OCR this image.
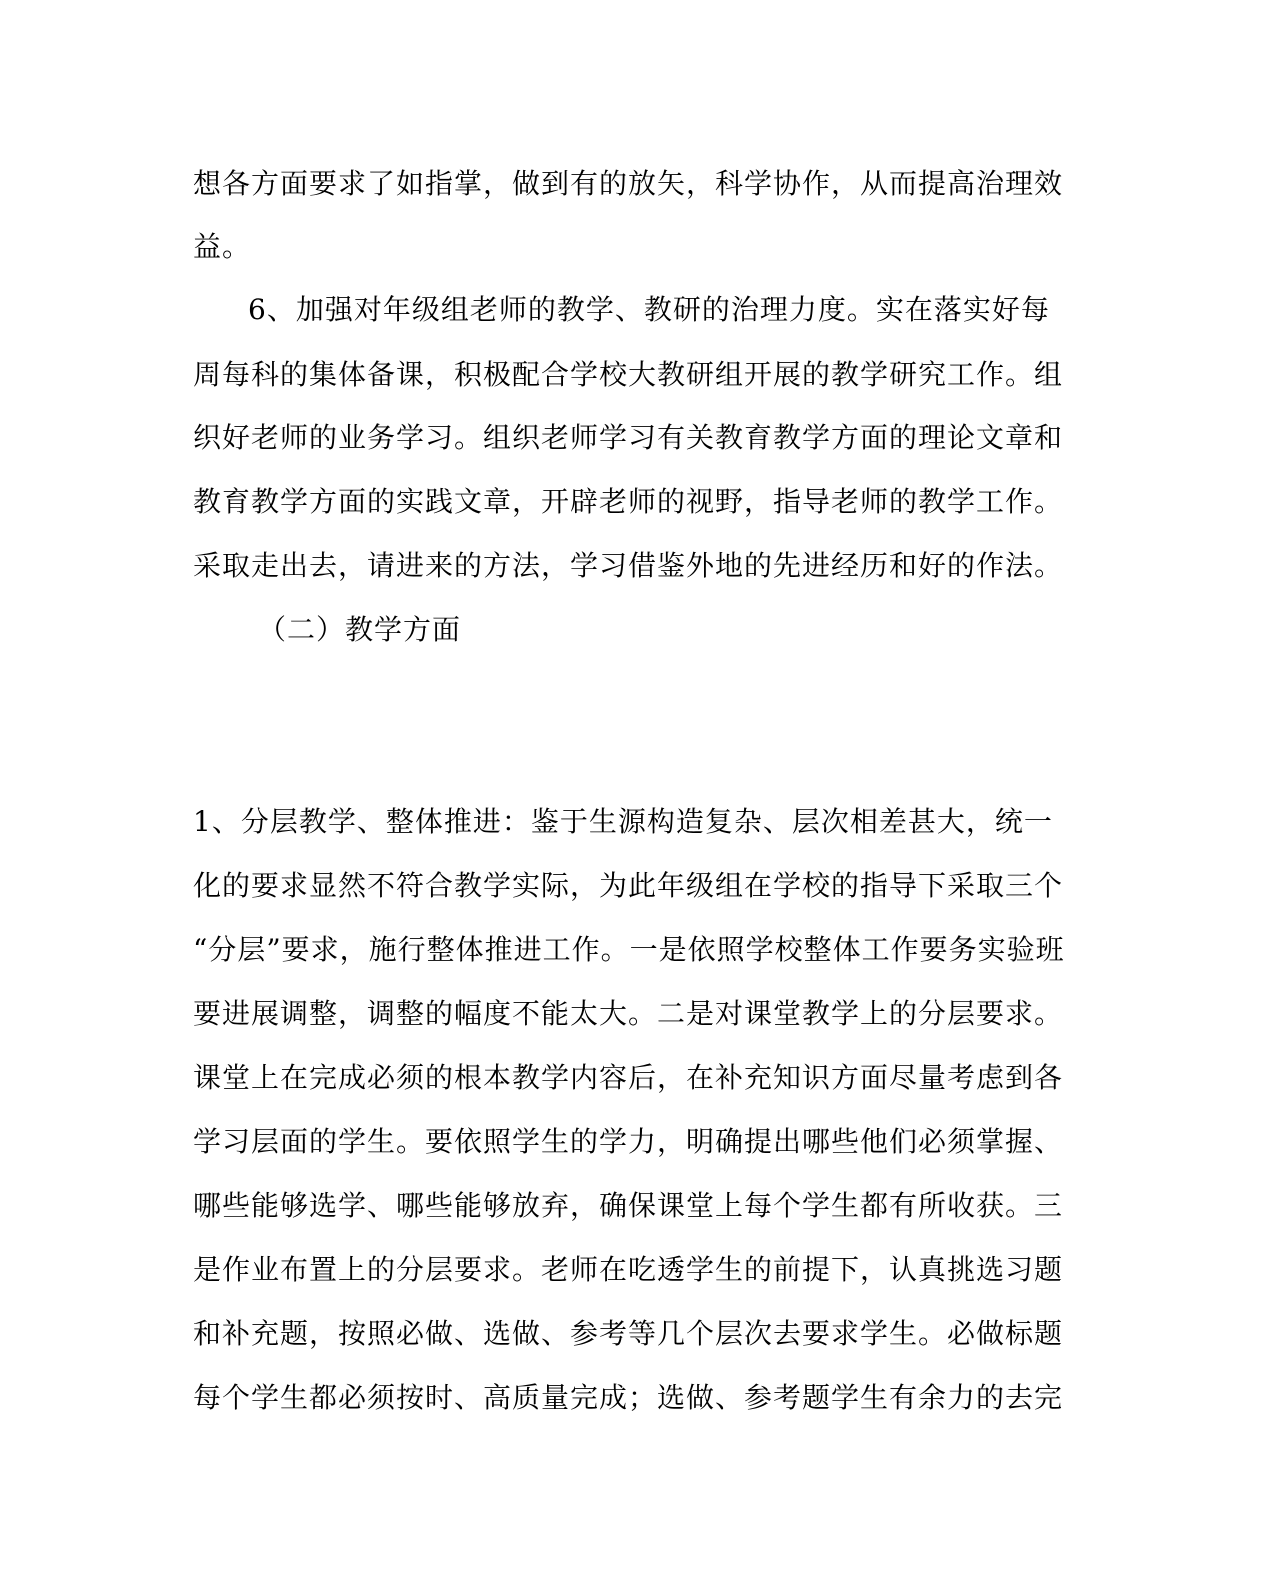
想各方面要求了如指掌，做到有的放矢，科学协作，从而提高治理效
益。
6、加强对年级组老师的教学、教研的治理力度。实在落实好每
周每科的集体备课，积极配合学校大教研组开展的教学研究工作。组
织好老师的业务学习。组织老师学习有关教育教学方面的理论文章和
教育教学方面的实践文章，开辟老师的视野，指导老师的教学工作。
采取走出去，请进来的方法，学习借鉴外地的先进经历和好的作法。
（二）教学方面
1、分层教学、整体推进：鉴于生源构造复杂、层次相差甚大，统一
化的要求显然不符合教学实际，为此年级组在学校的指导下采取三个
“分层”要求，施行整体推进工作。一是依照学校整体工作要务实验班
要进展调整，调整的幅度不能太大。二是对课堂教学上的分层要求。
课堂上在完成必须的根本教学内容后，在补充知识方面尽量考虑到各
学习层面的学生。要依照学生的学力，明确提出哪些他们必须掌握、
哪些能够选学、哪些能够放弃，确保课堂上每个学生都有所收获。三
是作业布置上的分层要求。老师在吃透学生的前提下，认真挑选习题
和补充题，按照必做、选做、参考等几个层次去要求学生。必做标题
每个学生都必须按时、高质量完成；选做、参考题学生有余力的去完
